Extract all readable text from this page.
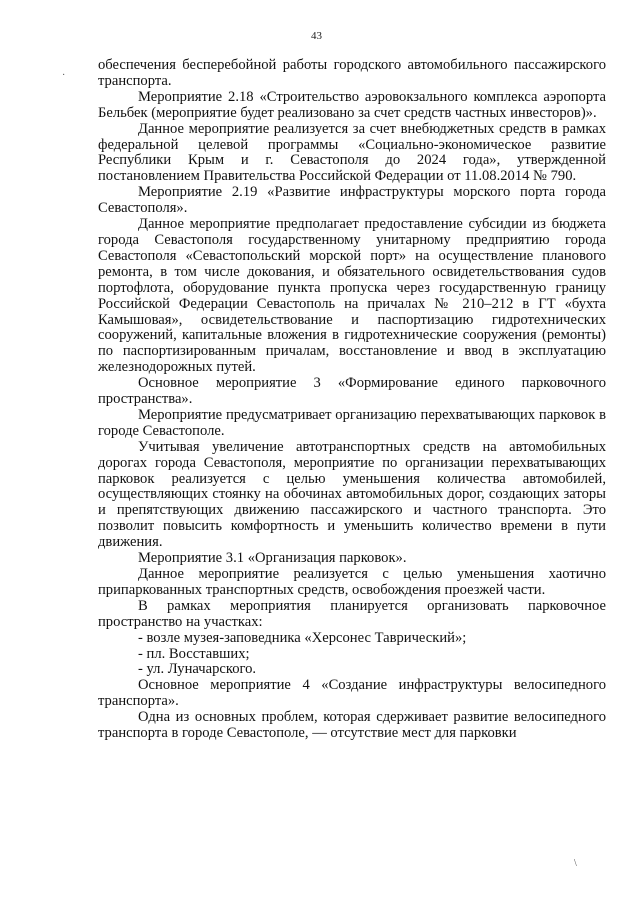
43
·

обеспечения бесперебойной работы городского автомобильного пассажирского транспорта.

Мероприятие 2.18 «Строительство аэровокзального комплекса аэропорта Бельбек (мероприятие будет реализовано за счет средств частных инвесторов)».

Данное мероприятие реализуется за счет внебюджетных средств в рамках федеральной целевой программы «Социально-экономическое развитие Республики Крым и г. Севастополя до 2024 года», утвержденной постановлением Правительства Российской Федерации от 11.08.2014 № 790.

Мероприятие 2.19 «Развитие инфраструктуры морского порта города Севастополя».

Данное мероприятие предполагает предоставление субсидии из бюджета города Севастополя государственному унитарному предприятию города Севастополя «Севастопольский морской порт» на осуществление планового ремонта, в том числе докования, и обязательного освидетельствования судов портофлота, оборудование пункта пропуска через государственную границу Российской Федерации Севастополь на причалах № 210–212 в ГТ «бухта Камышовая», освидетельствование и паспортизацию гидротехнических сооружений, капитальные вложения в гидротехнические сооружения (ремонты) по паспортизированным причалам, восстановление и ввод в эксплуатацию железнодорожных путей.

Основное мероприятие 3 «Формирование единого парковочного пространства».

Мероприятие предусматривает организацию перехватывающих парковок в городе Севастополе.

Учитывая увеличение автотранспортных средств на автомобильных дорогах города Севастополя, мероприятие по организации перехватывающих парковок реализуется с целью уменьшения количества автомобилей, осуществляющих стоянку на обочинах автомобильных дорог, создающих заторы и препятствующих движению пассажирского и частного транспорта. Это позволит повысить комфортность и уменьшить количество времени в пути движения.

Мероприятие 3.1 «Организация парковок».

Данное мероприятие реализуется с целью уменьшения хаотично припаркованных транспортных средств, освобождения проезжей части.

В рамках мероприятия планируется организовать парковочное пространство на участках:

- возле музея-заповедника «Херсонес Таврический»;

- пл. Восставших;

- ул. Луначарского.

Основное мероприятие 4 «Создание инфраструктуры велосипедного транспорта».

Одна из основных проблем, которая сдерживает развитие велосипедного транспорта в городе Севастополе, — отсутствие мест для парковки

\
